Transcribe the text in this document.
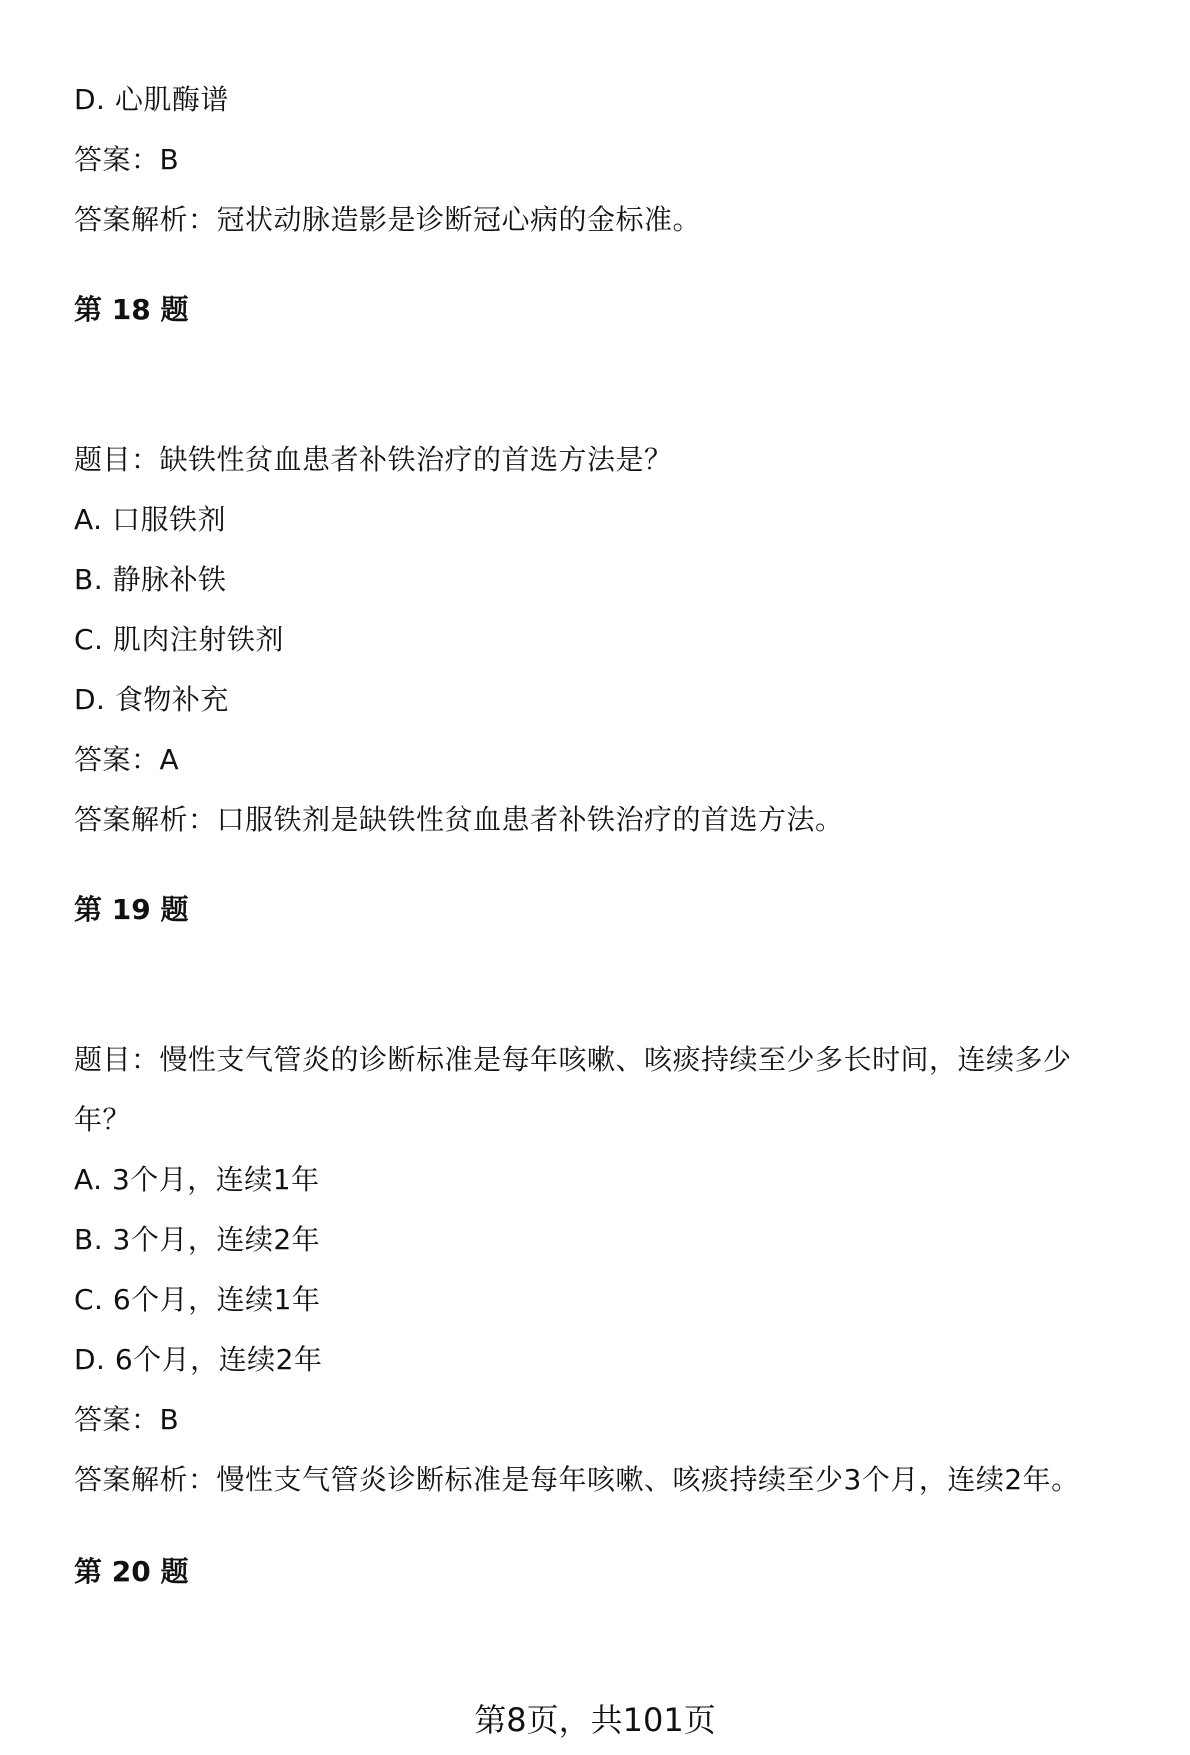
D. 心肌酶谱
答案：B
答案解析：冠状动脉造影是诊断冠心病的金标准。
第 18 题
题目：缺铁性贫血患者补铁治疗的首选方法是？
A. 口服铁剂
B. 静脉补铁
C. 肌肉注射铁剂
D. 食物补充
答案：A
答案解析：口服铁剂是缺铁性贫血患者补铁治疗的首选方法。
第 19 题
题目：慢性支气管炎的诊断标准是每年咳嗽、咳痰持续至少多长时间，连续多少
年？
A. 3个月，连续1年
B. 3个月，连续2年
C. 6个月，连续1年
D. 6个月，连续2年
答案：B
答案解析：慢性支气管炎诊断标准是每年咳嗽、咳痰持续至少3个月，连续2年。
第 20 题
第8页，共101页
